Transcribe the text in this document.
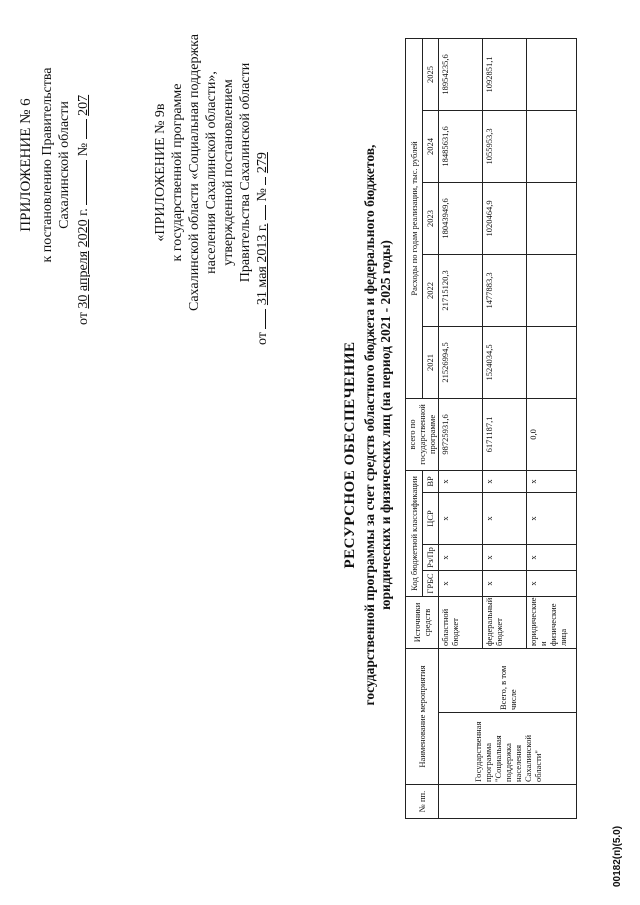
ПРИЛОЖЕНИЕ № 6 к постановлению Правительства Сахалинской области
от 30 апреля 2020 г.  №  207	«ПРИЛОЖЕНИЕ № 9в к государственной программе Сахалинской области «Социальная поддержка населения Сахалинской области», утвержденной постановлением Правительства Сахалинской области
от  31 мая 2013 г.  №  279
РЕСУРСНОЕ ОБЕСПЕЧЕНИЕ государственной программы за счет средств областного бюджета и федерального бюджетов, юридических и физических лиц (на период 2021 - 2025 годы)
№ пп.	Наименование мероприятия		Источники средств	Код бюджетной классификации				всего по государственной программе	Расходы по годам реализации, тыс. рублей				
				ГРБС	Рз/Пр	ЦСР	ВР		2021	2022	2023	2024	2025
	Государственная программа "Социальная поддержка населения Сахалинской области"	Всего, в том числе	областной бюджет	х	х	х	х	98725931,6	21526994,5	21715120,3	18043949,6	18485631,6	18954235,6
			федеральный бюджет	х	х	х	х	6171187,1	1524034,5	1477883,3	1020464,9	1055953,3	1092851,1
			юридические и физические лица	х	х	х	х	0,0					
00182(п)(5.0)
